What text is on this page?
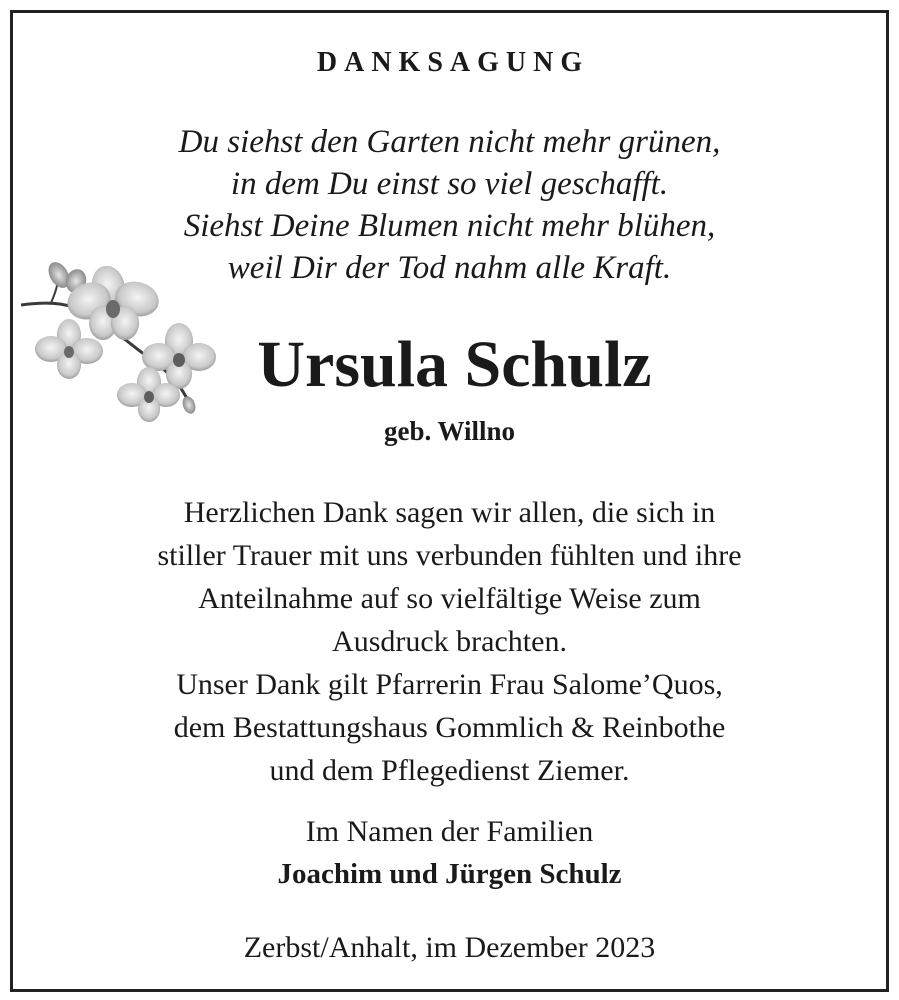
DANKSAGUNG
Du siehst den Garten nicht mehr grünen,
in dem Du einst so viel geschafft.
Siehst Deine Blumen nicht mehr blühen,
weil Dir der Tod nahm alle Kraft.
Ursula Schulz
geb. Willno
Herzlichen Dank sagen wir allen, die sich in
stiller Trauer mit uns verbunden fühlten und ihre
Anteilnahme auf so vielfältige Weise zum
Ausdruck brachten.
Unser Dank gilt Pfarrerin Frau Salome’Quos,
dem Bestattungshaus Gommlich & Reinbothe
und dem Pflegedienst Ziemer.
Im Namen der Familien
Joachim und Jürgen Schulz
Zerbst/Anhalt, im Dezember 2023
